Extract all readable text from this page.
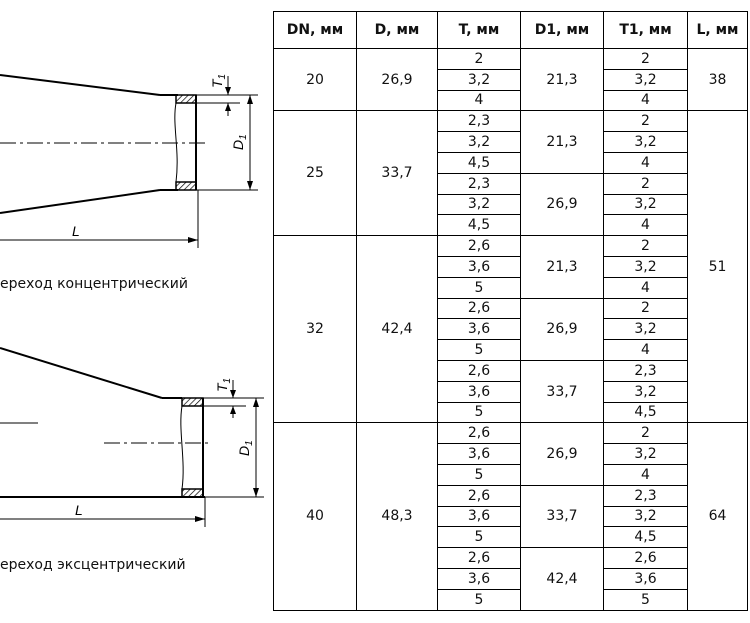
$T_1$
$D_1$
L
$T_1$
$D_1$
L
ереход концентрический
ереход эксцентрический
DN, мм	D, мм	T, мм	D1, мм	T1, мм	L, мм
20	26,9	2	21,3	2	38
		3,2		3,2	
		4		4	
25	33,7	2,3	21,3	2	51
		3,2		3,2	
		4,5		4	
		2,3	26,9	2	
		3,2		3,2	
		4,5		4	
32	42,4	2,6	21,3	2	
		3,6		3,2	
		5		4	
		2,6	26,9	2	
		3,6		3,2	
		5		4	
		2,6	33,7	2,3	
		3,6		3,2	
		5		4,5	
40	48,3	2,6	26,9	2	64
		3,6		3,2	
		5		4	
		2,6	33,7	2,3	
		3,6		3,2	
		5		4,5	
		2,6	42,4	2,6	
		3,6		3,6	
		5		5	
